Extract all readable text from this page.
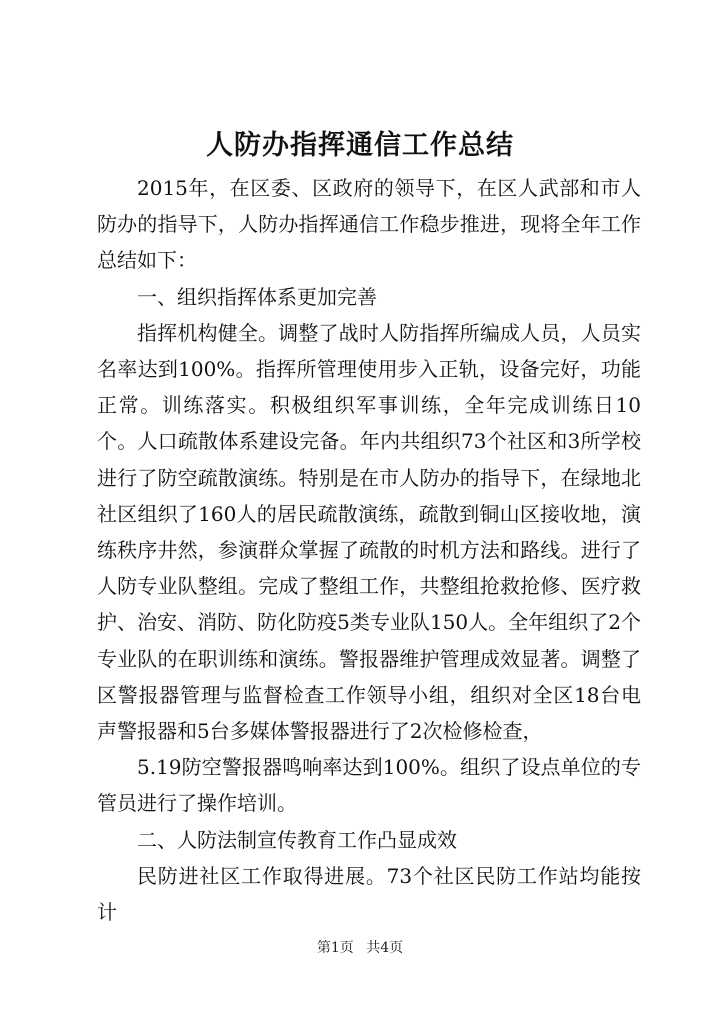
人防办指挥通信工作总结

2015年，在区委、区政府的领导下，在区人武部和市人防办的指导下，人防办指挥通信工作稳步推进，现将全年工作总结如下：

一、组织指挥体系更加完善

指挥机构健全。调整了战时人防指挥所编成人员，人员实名率达到100%。指挥所管理使用步入正轨，设备完好，功能正常。训练落实。积极组织军事训练，全年完成训练日10个。人口疏散体系建设完备。年内共组织73个社区和3所学校进行了防空疏散演练。特别是在市人防办的指导下，在绿地北社区组织了160人的居民疏散演练，疏散到铜山区接收地，演练秩序井然，参演群众掌握了疏散的时机方法和路线。进行了人防专业队整组。完成了整组工作，共整组抢救抢修、医疗救护、治安、消防、防化防疫5类专业队150人。全年组织了2个专业队的在职训练和演练。警报器维护管理成效显著。调整了区警报器管理与监督检查工作领导小组，组织对全区18台电声警报器和5台多媒体警报器进行了2次检修检查，

5.19防空警报器鸣响率达到100%。组织了设点单位的专管员进行了操作培训。

二、人防法制宣传教育工作凸显成效

民防进社区工作取得进展。73个社区民防工作站均能按计

第1页 共4页
